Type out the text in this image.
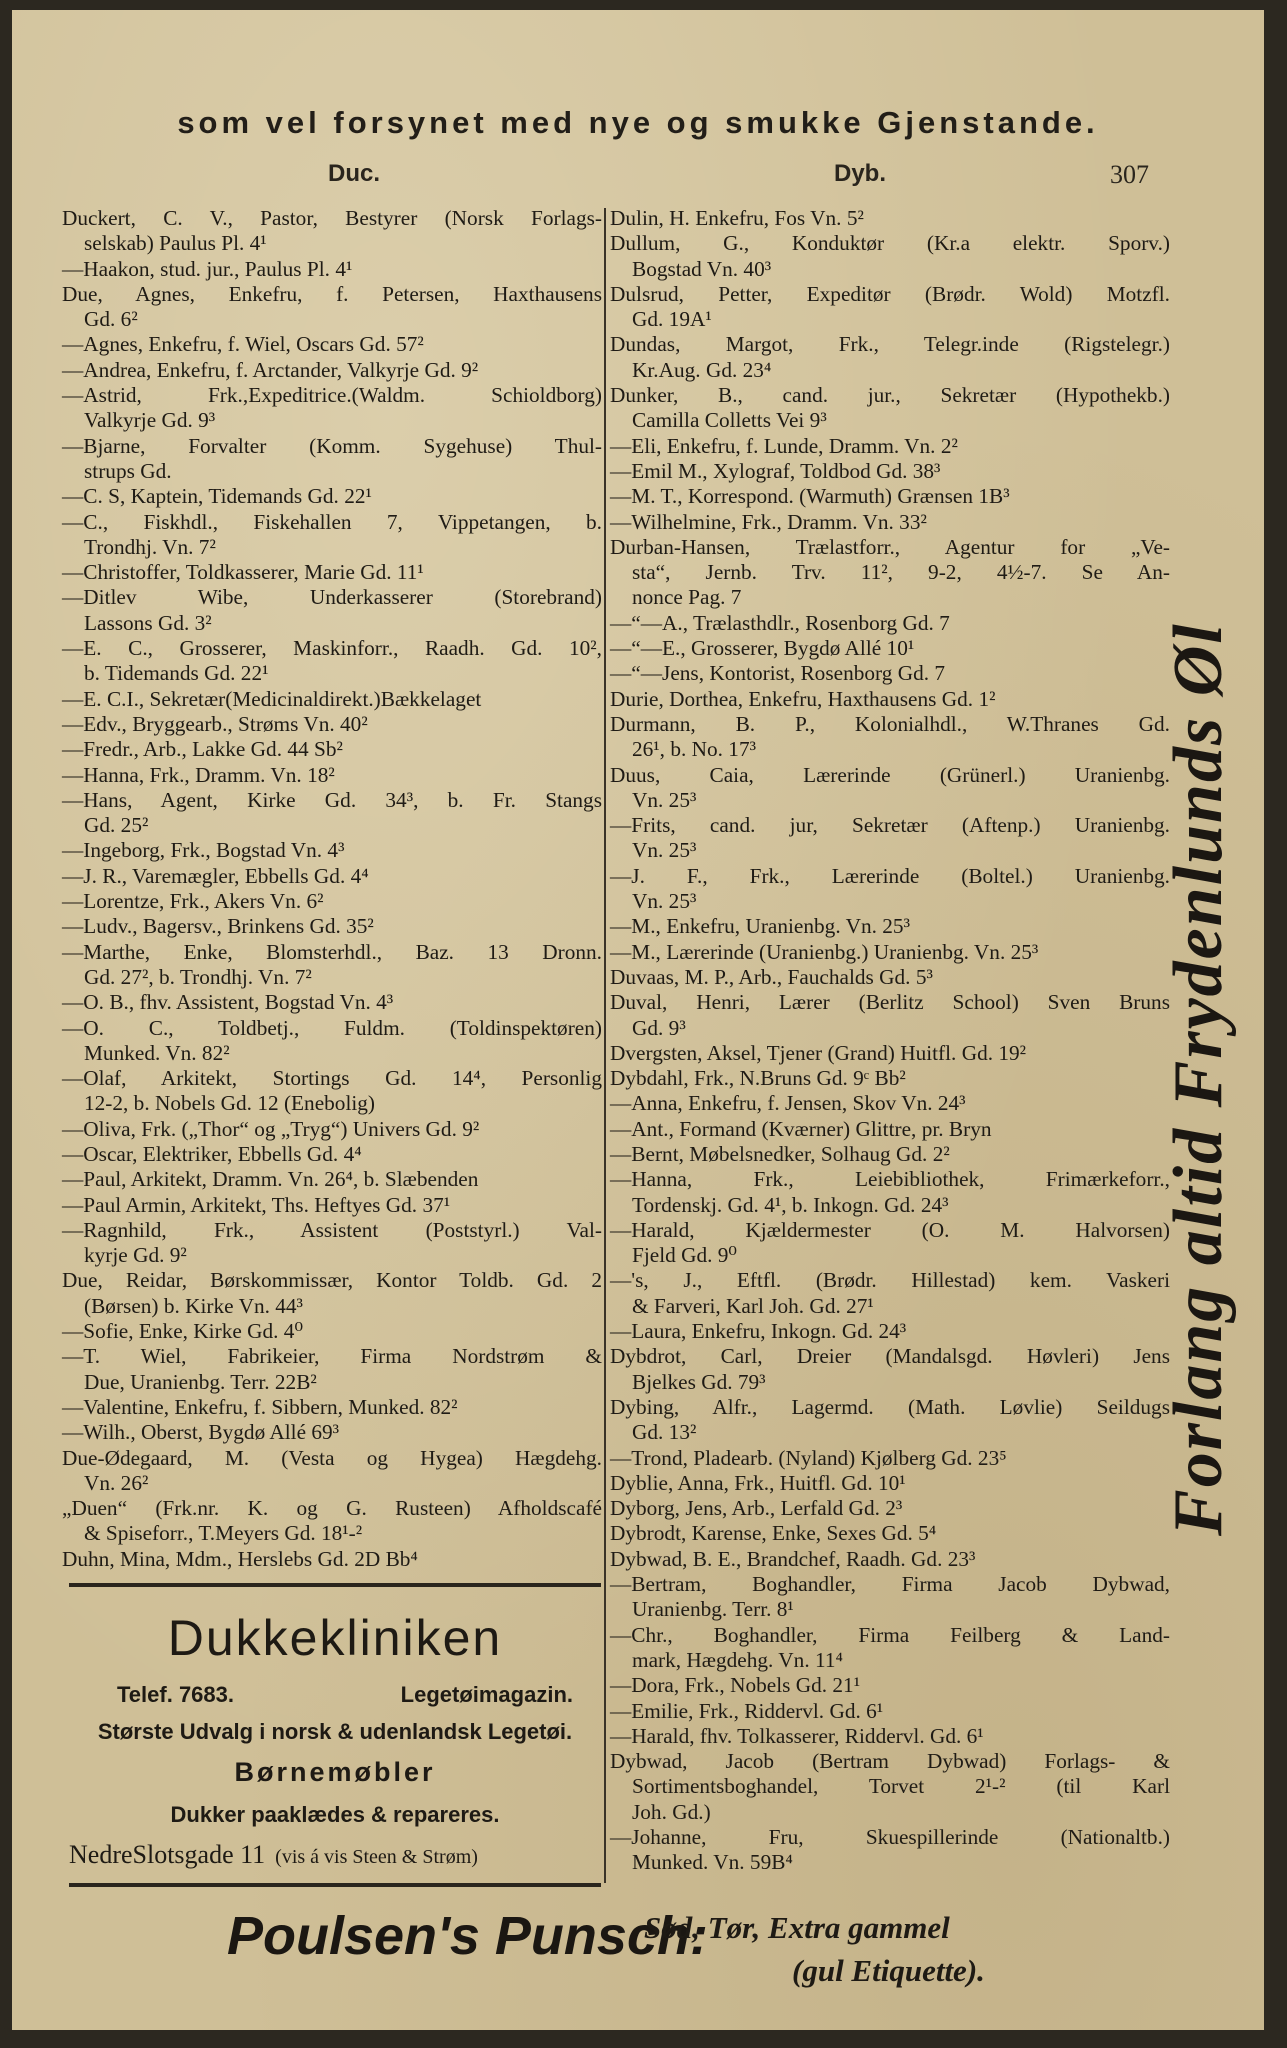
som vel forsynet med nye og smukke Gjenstande.
Duc.	Dyb.	307
Duckert, C. V., Pastor, Bestyrer (Norsk Forlags-
selskab) Paulus Pl. 4¹
—Haakon, stud. jur., Paulus Pl. 4¹
Due, Agnes, Enkefru, f. Petersen, Haxthausens
Gd. 6²
—Agnes, Enkefru, f. Wiel, Oscars Gd. 57²
—Andrea, Enkefru, f. Arctander, Valkyrje Gd. 9²
—Astrid, Frk.,Expeditrice.(Waldm. Schioldborg)
Valkyrje Gd. 9³
—Bjarne, Forvalter (Komm. Sygehuse) Thul-
strups Gd.
—C. S, Kaptein, Tidemands Gd. 22¹
—C., Fiskhdl., Fiskehallen 7, Vippetangen, b.
Trondhj. Vn. 7²
—Christoffer, Toldkasserer, Marie Gd. 11¹
—Ditlev Wibe, Underkasserer (Storebrand)
Lassons Gd. 3²
—E. C., Grosserer, Maskinforr., Raadh. Gd. 10²,
b. Tidemands Gd. 22¹
—E. C.I., Sekretær(Medicinaldirekt.)Bækkelaget
—Edv., Bryggearb., Strøms Vn. 40²
—Fredr., Arb., Lakke Gd. 44 Sb²
—Hanna, Frk., Dramm. Vn. 18²
—Hans, Agent, Kirke Gd. 34³, b. Fr. Stangs
Gd. 25²
—Ingeborg, Frk., Bogstad Vn. 4³
—J. R., Varemægler, Ebbells Gd. 4⁴
—Lorentze, Frk., Akers Vn. 6²
—Ludv., Bagersv., Brinkens Gd. 35²
—Marthe, Enke, Blomsterhdl., Baz. 13 Dronn.
Gd. 27², b. Trondhj. Vn. 7²
—O. B., fhv. Assistent, Bogstad Vn. 4³
—O. C., Toldbetj., Fuldm. (Toldinspektøren)
Munked. Vn. 82²
—Olaf, Arkitekt, Stortings Gd. 14⁴, Personlig
12-2, b. Nobels Gd. 12 (Enebolig)
—Oliva, Frk. („Thor“ og „Tryg“) Univers Gd. 9²
—Oscar, Elektriker, Ebbells Gd. 4⁴
—Paul, Arkitekt, Dramm. Vn. 26⁴, b. Slæbenden
—Paul Armin, Arkitekt, Ths. Heftyes Gd. 37¹
—Ragnhild, Frk., Assistent (Poststyrl.) Val-
kyrje Gd. 9²
Due, Reidar, Børskommissær, Kontor Toldb. Gd. 2
(Børsen) b. Kirke Vn. 44³
—Sofie, Enke, Kirke Gd. 4⁰
—T. Wiel, Fabrikeier, Firma Nordstrøm &
Due, Uranienbg. Terr. 22B²
—Valentine, Enkefru, f. Sibbern, Munked. 82²
—Wilh., Oberst, Bygdø Allé 69³
Due-Ødegaard, M. (Vesta og Hygea) Hægdehg.
Vn. 26²
„Duen“ (Frk.nr. K. og G. Rusteen) Afholdscafé
& Spiseforr., T.Meyers Gd. 18¹-²
Duhn, Mina, Mdm., Herslebs Gd. 2D Bb⁴
Dulin, H. Enkefru, Fos Vn. 5²
Dullum, G., Konduktør (Kr.a elektr. Sporv.)
Bogstad Vn. 40³
Dulsrud, Petter, Expeditør (Brødr. Wold) Motzfl.
Gd. 19A¹
Dundas, Margot, Frk., Telegr.inde (Rigstelegr.)
Kr.Aug. Gd. 23⁴
Dunker, B., cand. jur., Sekretær (Hypothekb.)
Camilla Colletts Vei 9³
—Eli, Enkefru, f. Lunde, Dramm. Vn. 2²
—Emil M., Xylograf, Toldbod Gd. 38³
—M. T., Korrespond. (Warmuth) Grænsen 1B³
—Wilhelmine, Frk., Dramm. Vn. 33²
Durban-Hansen, Trælastforr., Agentur for „Ve-
sta“, Jernb. Trv. 11², 9-2, 4½-7. Se An-
nonce Pag. 7
—“—A., Trælasthdlr., Rosenborg Gd. 7
—“—E., Grosserer, Bygdø Allé 10¹
—“—Jens, Kontorist, Rosenborg Gd. 7
Durie, Dorthea, Enkefru, Haxthausens Gd. 1²
Durmann, B. P., Kolonialhdl., W.Thranes Gd.
26¹, b. No. 17³
Duus, Caia, Lærerinde (Grünerl.) Uranienbg.
Vn. 25³
—Frits, cand. jur, Sekretær (Aftenp.) Uranienbg.
Vn. 25³
—J. F., Frk., Lærerinde (Boltel.) Uranienbg.
Vn. 25³
—M., Enkefru, Uranienbg. Vn. 25³
—M., Lærerinde (Uranienbg.) Uranienbg. Vn. 25³
Duvaas, M. P., Arb., Fauchalds Gd. 5³
Duval, Henri, Lærer (Berlitz School) Sven Bruns
Gd. 9³
Dvergsten, Aksel, Tjener (Grand) Huitfl. Gd. 19²
Dybdahl, Frk., N.Bruns Gd. 9ᶜ Bb²
—Anna, Enkefru, f. Jensen, Skov Vn. 24³
—Ant., Formand (Kværner) Glittre, pr. Bryn
—Bernt, Møbelsnedker, Solhaug Gd. 2²
—Hanna, Frk., Leiebibliothek, Frimærkeforr.,
Tordenskj. Gd. 4¹, b. Inkogn. Gd. 24³
—Harald, Kjældermester (O. M. Halvorsen)
Fjeld Gd. 9⁰
—'s, J., Eftfl. (Brødr. Hillestad) kem. Vaskeri
& Farveri, Karl Joh. Gd. 27¹
—Laura, Enkefru, Inkogn. Gd. 24³
Dybdrot, Carl, Dreier (Mandalsgd. Høvleri) Jens
Bjelkes Gd. 79³
Dybing, Alfr., Lagermd. (Math. Løvlie) Seildugs
Gd. 13²
—Trond, Pladearb. (Nyland) Kjølberg Gd. 23⁵
Dyblie, Anna, Frk., Huitfl. Gd. 10¹
Dyborg, Jens, Arb., Lerfald Gd. 2³
Dybrodt, Karense, Enke, Sexes Gd. 5⁴
Dybwad, B. E., Brandchef, Raadh. Gd. 23³
—Bertram, Boghandler, Firma Jacob Dybwad,
Uranienbg. Terr. 8¹
—Chr., Boghandler, Firma Feilberg & Land-
mark, Hægdehg. Vn. 11⁴
—Dora, Frk., Nobels Gd. 21¹
—Emilie, Frk., Riddervl. Gd. 6¹
—Harald, fhv. Tolkasserer, Riddervl. Gd. 6¹
Dybwad, Jacob (Bertram Dybwad) Forlags- &
Sortimentsboghandel, Torvet 2¹-² (til Karl
Joh. Gd.)
—Johanne, Fru, Skuespillerinde (Nationaltb.)
Munked. Vn. 59B⁴
Dukkekliniken
Telef. 7683.	Legetøimagazin.
Største Udvalg i norsk & udenlandsk Legetøi.
Børnemøbler
Dukker paaklædes & repareres.
NedreSlotsgade 11 (vis á vis Steen & Strøm)
Forlang altid Frydenlunds Øl
Poulsen's Punsch:
Sød, Tør, Extra gammel
(gul Etiquette).
